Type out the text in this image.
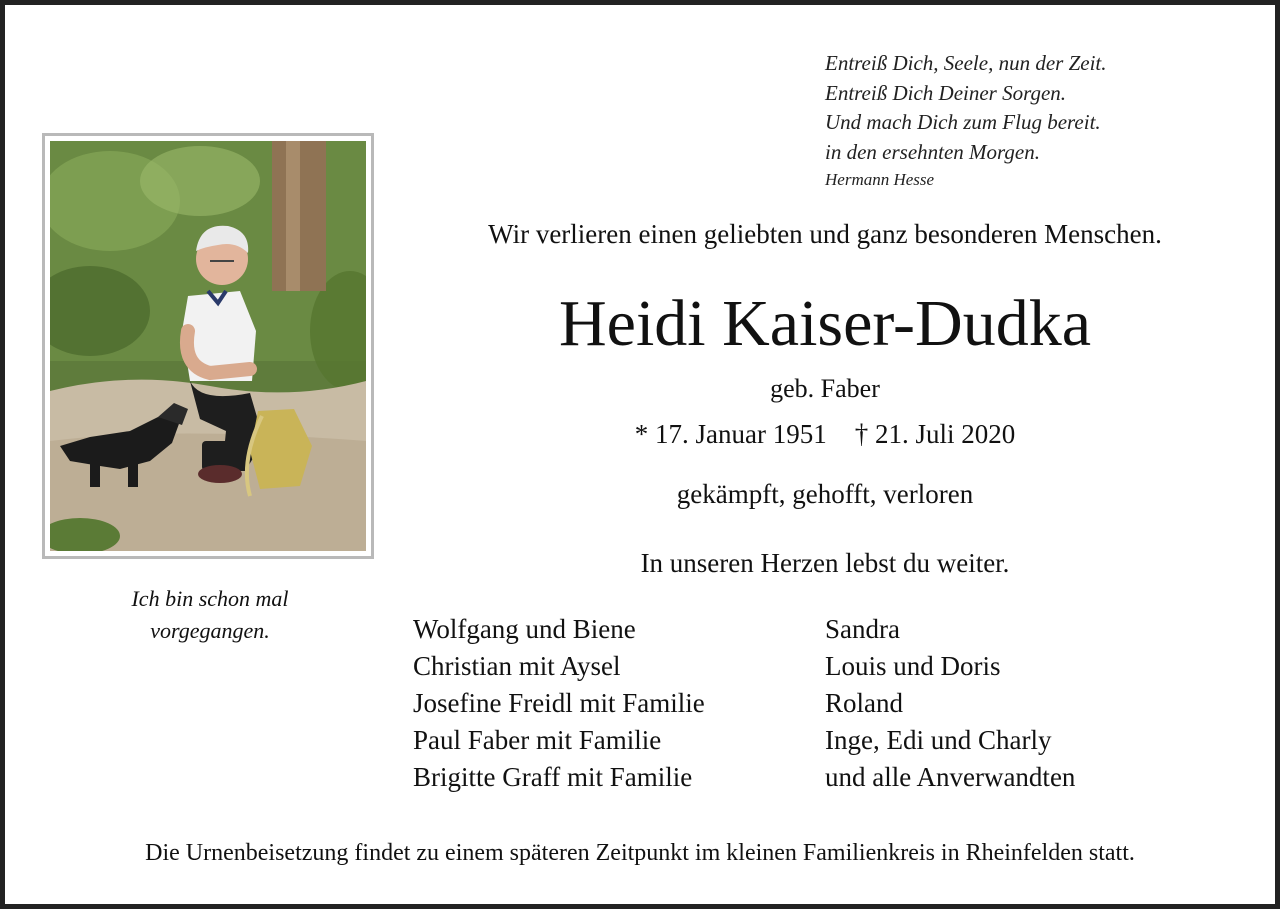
Entreiß Dich, Seele, nun der Zeit.
Entreiß Dich Deiner Sorgen.
Und mach Dich zum Flug bereit.
in den ersehnten Morgen.
Hermann Hesse
Ich bin schon mal
vorgegangen.
Wir verlieren einen geliebten und ganz besonderen Menschen.
Heidi Kaiser-Dudka
geb. Faber
* 17. Januar 1951 † 21. Juli 2020
gekämpft, gehofft, verloren
In unseren Herzen lebst du weiter.
Wolfgang und Biene
Christian mit Aysel
Josefine Freidl mit Familie
Paul Faber mit Familie
Brigitte Graff mit Familie
Sandra
Louis und Doris
Roland
Inge, Edi und Charly
und alle Anverwandten
Die Urnenbeisetzung findet zu einem späteren Zeitpunkt im kleinen Familienkreis in Rheinfelden statt.
